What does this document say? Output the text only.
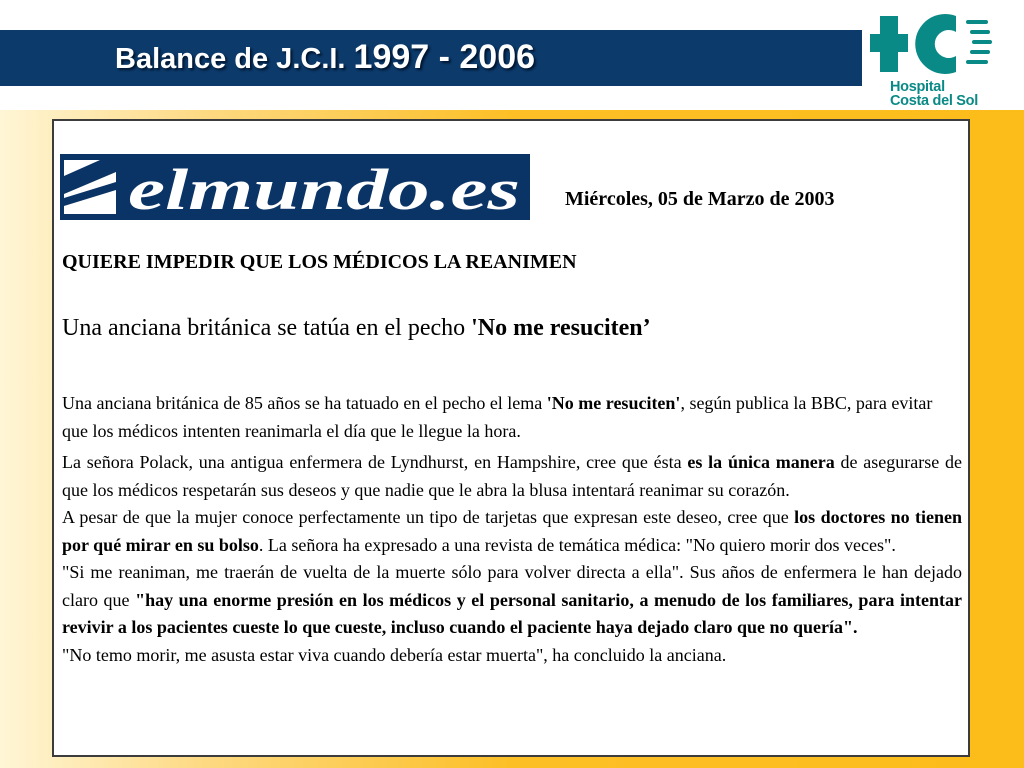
Balance de J.C.I. 1997 - 2006
Hospital
Costa del Sol
elmundo.es Miércoles, 05 de Marzo de 2003
QUIERE IMPEDIR QUE LOS MÉDICOS LA REANIMEN
Una anciana británica se tatúa en el pecho 'No me resuciten’
Una anciana británica de 85 años se ha tatuado en el pecho el lema 'No me resuciten', según publica la BBC, para evitar que los médicos intenten reanimarla el día que le llegue la hora.

La señora Polack, una antigua enfermera de Lyndhurst, en Hampshire, cree que ésta es la única manera de asegurarse de que los médicos respetarán sus deseos y que nadie que le abra la blusa intentará reanimar su corazón.

A pesar de que la mujer conoce perfectamente un tipo de tarjetas que expresan este deseo, cree que los doctores no tienen por qué mirar en su bolso. La señora ha expresado a una revista de temática médica: "No quiero morir dos veces".

"Si me reaniman, me traerán de vuelta de la muerte sólo para volver directa a ella". Sus años de enfermera le han dejado claro que "hay una enorme presión en los médicos y el personal sanitario, a menudo de los familiares, para intentar revivir a los pacientes cueste lo que cueste, incluso cuando el paciente haya dejado claro que no quería".

"No temo morir, me asusta estar viva cuando debería estar muerta", ha concluido la anciana.
